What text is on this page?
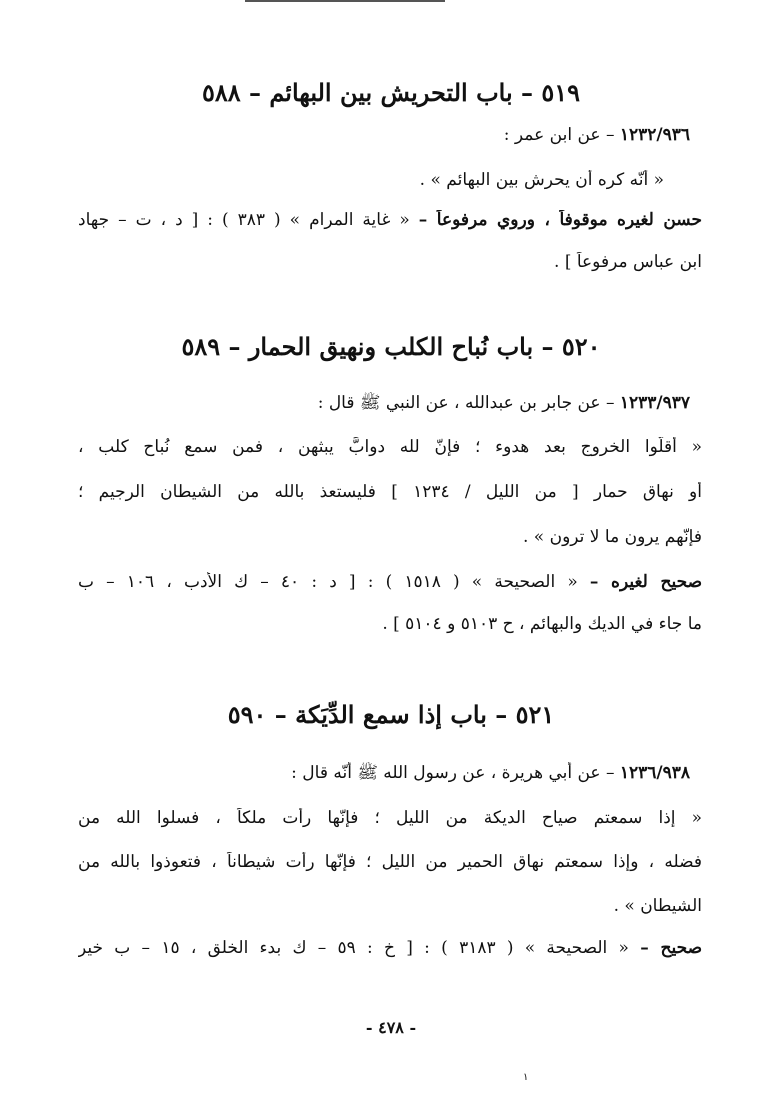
٥١٩ – باب التحريش بين البهائم – ٥٨٨
١٢٣٢/٩٣٦ – عن ابن عمر :
« أنّه كره أن يحرش بين البهائم » .
حسن لغيره موقوفاً ، وروي مرفوعاً – « غاية المرام » ( ٣٨٣ ) : [ د ، ت – جهاد
ابن عباس مرفوعاً ] .
٥٢٠ – باب نُباح الكلب ونهيق الحمار – ٥٨٩
١٢٣٣/٩٣٧ – عن جابر بن عبدالله ، عن النبي ﷺ قال :
« أقلّوا الخروج بعد هدوء ؛ فإنّ لله دوابَّ يبثهن ، فمن سمع نُباح كلب ،
أو نهاق حمار [ من الليل / ١٢٣٤ ] فليستعذ بالله من الشيطان الرجيم ؛
فإنّهم يرون ما لا ترون » .
صحيح لغيره – « الصحيحة » ( ١٥١٨ ) : [ د : ٤٠ – ك الأدب ، ١٠٦ – ب
ما جاء في الديك والبهائم ، ح ٥١٠٣ و ٥١٠٤ ] .
٥٢١ – باب إذا سمع الدِّيَكة – ٥٩٠
١٢٣٦/٩٣٨ – عن أبي هريرة ، عن رسول الله ﷺ أنّه قال :
« إذا سمعتم صياح الديكة من الليل ؛ فإنّها رأت ملكاً ، فسلوا الله من
فضله ، وإذا سمعتم نهاق الحمير من الليل ؛ فإنّها رأت شيطاناً ، فتعوذوا بالله من
الشيطان » .
صحيح – « الصحيحة » ( ٣١٨٣ ) : [ خ : ٥٩ – ك بدء الخلق ، ١٥ – ب خير
- ٤٧٨ -
١
